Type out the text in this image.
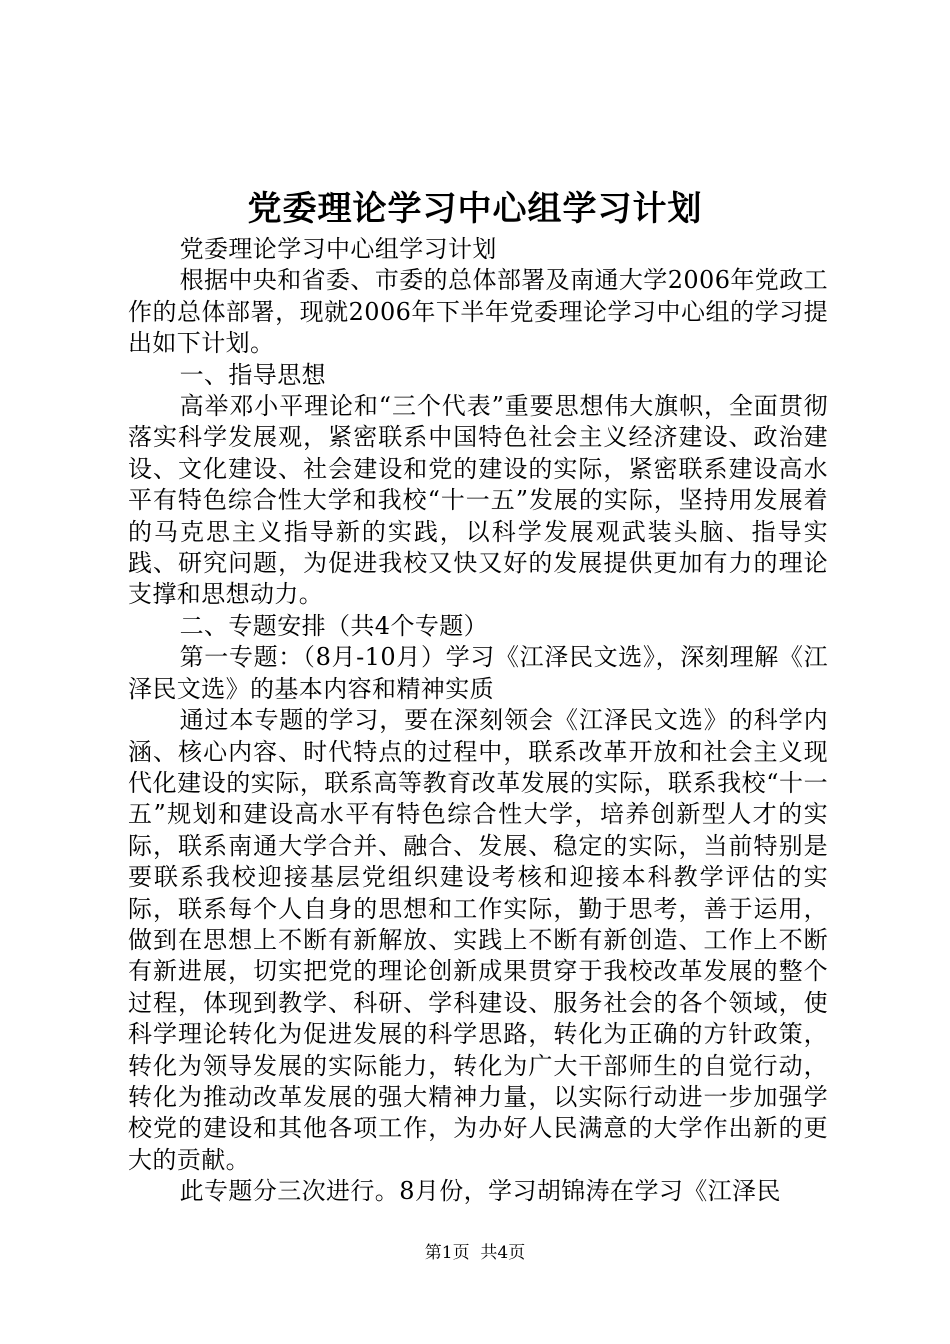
党委理论学习中心组学习计划

党委理论学习中心组学习计划

根据中央和省委、市委的总体部署及南通大学2006年党政工作的总体部署，现就2006年下半年党委理论学习中心组的学习提出如下计划。

一、指导思想

高举邓小平理论和“三个代表”重要思想伟大旗帜，全面贯彻落实科学发展观，紧密联系中国特色社会主义经济建设、政治建设、文化建设、社会建设和党的建设的实际，紧密联系建设高水平有特色综合性大学和我校“十一五”发展的实际，坚持用发展着的马克思主义指导新的实践，以科学发展观武装头脑、指导实践、研究问题，为促进我校又快又好的发展提供更加有力的理论支撑和思想动力。

二、专题安排（共4个专题）

第一专题：（8月-10月）学习《江泽民文选》，深刻理解《江泽民文选》的基本内容和精神实质

通过本专题的学习，要在深刻领会《江泽民文选》的科学内涵、核心内容、时代特点的过程中，联系改革开放和社会主义现代化建设的实际，联系高等教育改革发展的实际，联系我校“十一五”规划和建设高水平有特色综合性大学，培养创新型人才的实际，联系南通大学合并、融合、发展、稳定的实际，当前特别是要联系我校迎接基层党组织建设考核和迎接本科教学评估的实际，联系每个人自身的思想和工作实际，勤于思考，善于运用，做到在思想上不断有新解放、实践上不断有新创造、工作上不断有新进展，切实把党的理论创新成果贯穿于我校改革发展的整个过程，体现到教学、科研、学科建设、服务社会的各个领域，使科学理论转化为促进发展的科学思路，转化为正确的方针政策，转化为领导发展的实际能力，转化为广大干部师生的自觉行动，转化为推动改革发展的强大精神力量，以实际行动进一步加强学校党的建设和其他各项工作，为办好人民满意的大学作出新的更大的贡献。

此专题分三次进行。8月份，学习胡锦涛在学习《江泽民

第1页 共4页
